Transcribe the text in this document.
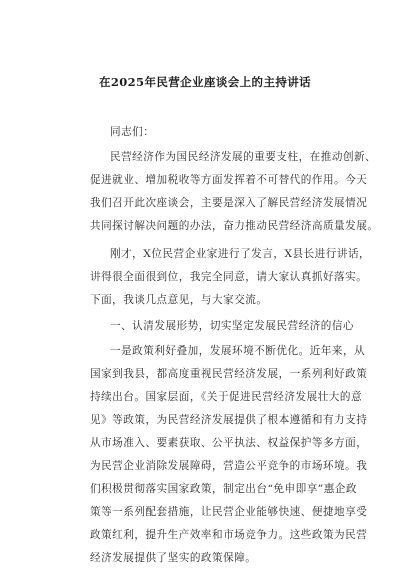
在2025年民营企业座谈会上的主持讲话
同志们：
民营经济作为国民经济发展的重要支柱，在推动创新、
促进就业、增加税收等方面发挥着不可替代的作用。今天
我们召开此次座谈会，主要是深入了解民营经济发展情况
共同探讨解决问题的办法，奋力推动民营经济高质量发展。
刚才，X位民营企业家进行了发言，X县长进行讲话，
讲得很全面很到位，我完全同意，请大家认真抓好落实。
下面，我谈几点意见，与大家交流。
一、认清发展形势，切实坚定发展民营经济的信心
一是政策利好叠加，发展环境不断优化。近年来，从
国家到我县，都高度重视民营经济发展，一系列利好政策
持续出台。国家层面，《关于促进民营经济发展壮大的意
见》等政策，为民营经济发展提供了根本遵循和有力支持
从市场准入、要素获取、公平执法、权益保护等多方面，
为民营企业消除发展障碍，营造公平竞争的市场环境。我
们积极贯彻落实国家政策，制定出台“免申即享”惠企政
策等一系列配套措施，让民营企业能够快速、便捷地享受
政策红利，提升生产效率和市场竞争力。这些政策为民营
经济发展提供了坚实的政策保障。
